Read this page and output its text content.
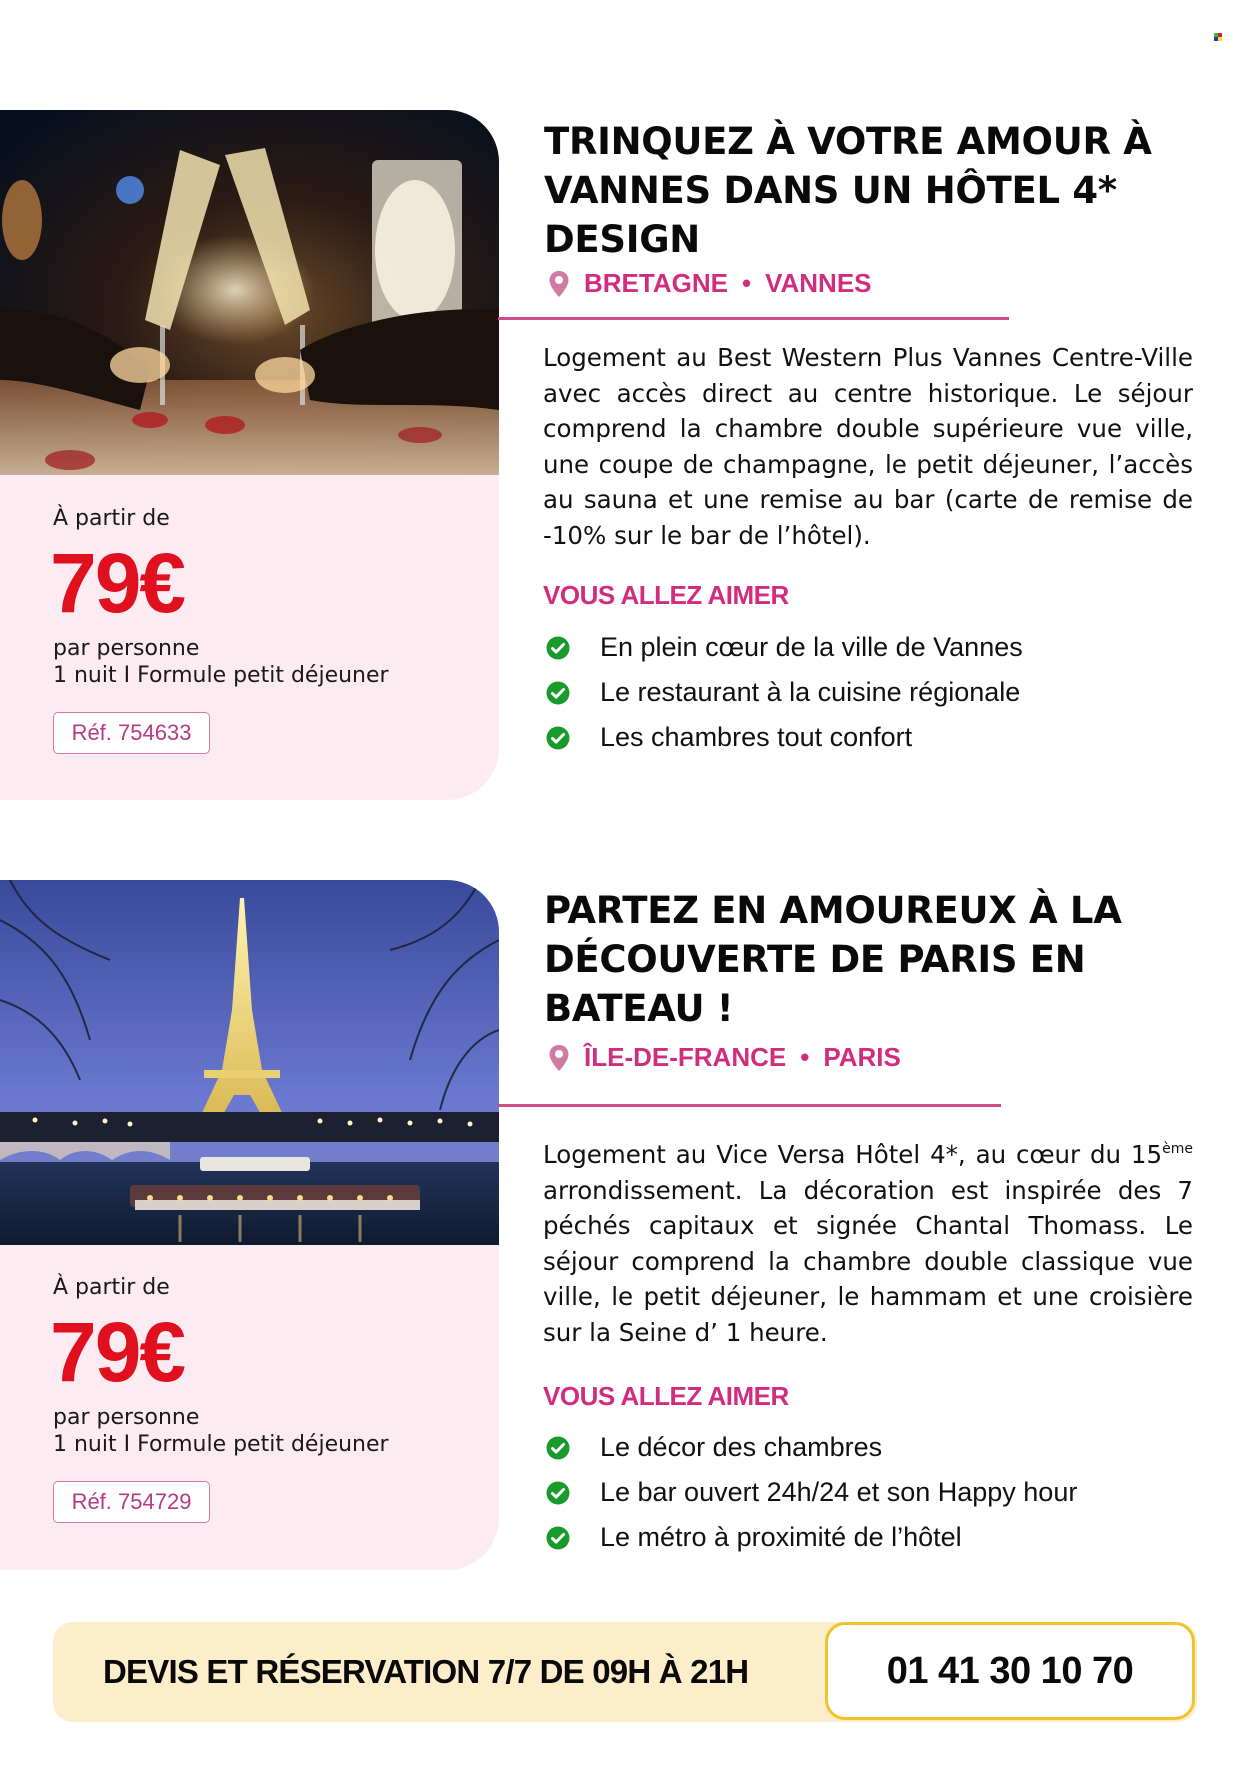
À partir de
79€
par personne
1 nuit I Formule petit déjeuner
Réf. 754633
TRINQUEZ À VOTRE AMOUR À
VANNES DANS UN HÔTEL 4*
DESIGN
BRETAGNE • VANNES

Logement au Best Western Plus Vannes Centre-Ville avec accès direct au centre historique. Le séjour comprend la chambre double supérieure vue ville, une coupe de champagne, le petit déjeuner, l’accès au sauna et une remise au bar (carte de remise de -10% sur le bar de l’hôtel).

VOUS ALLEZ AIMER
En plein cœur de la ville de Vannes
Le restaurant à la cuisine régionale
Les chambres tout confort
À partir de
79€
par personne
1 nuit I Formule petit déjeuner
Réf. 754729
PARTEZ EN AMOUREUX À LA
DÉCOUVERTE DE PARIS EN
BATEAU !
ÎLE-DE-FRANCE • PARIS

Logement au Vice Versa Hôtel 4*, au cœur du 15ème arrondissement. La décoration est inspirée des 7 péchés capitaux et signée Chantal Thomass. Le séjour comprend la chambre double classique vue ville, le petit déjeuner, le hammam et une croisière sur la Seine d’ 1 heure.

VOUS ALLEZ AIMER
Le décor des chambres
Le bar ouvert 24h/24 et son Happy hour
Le métro à proximité de l’hôtel
DEVIS ET RÉSERVATION 7/7 DE 09H À 21H	01 41 30 10 70
